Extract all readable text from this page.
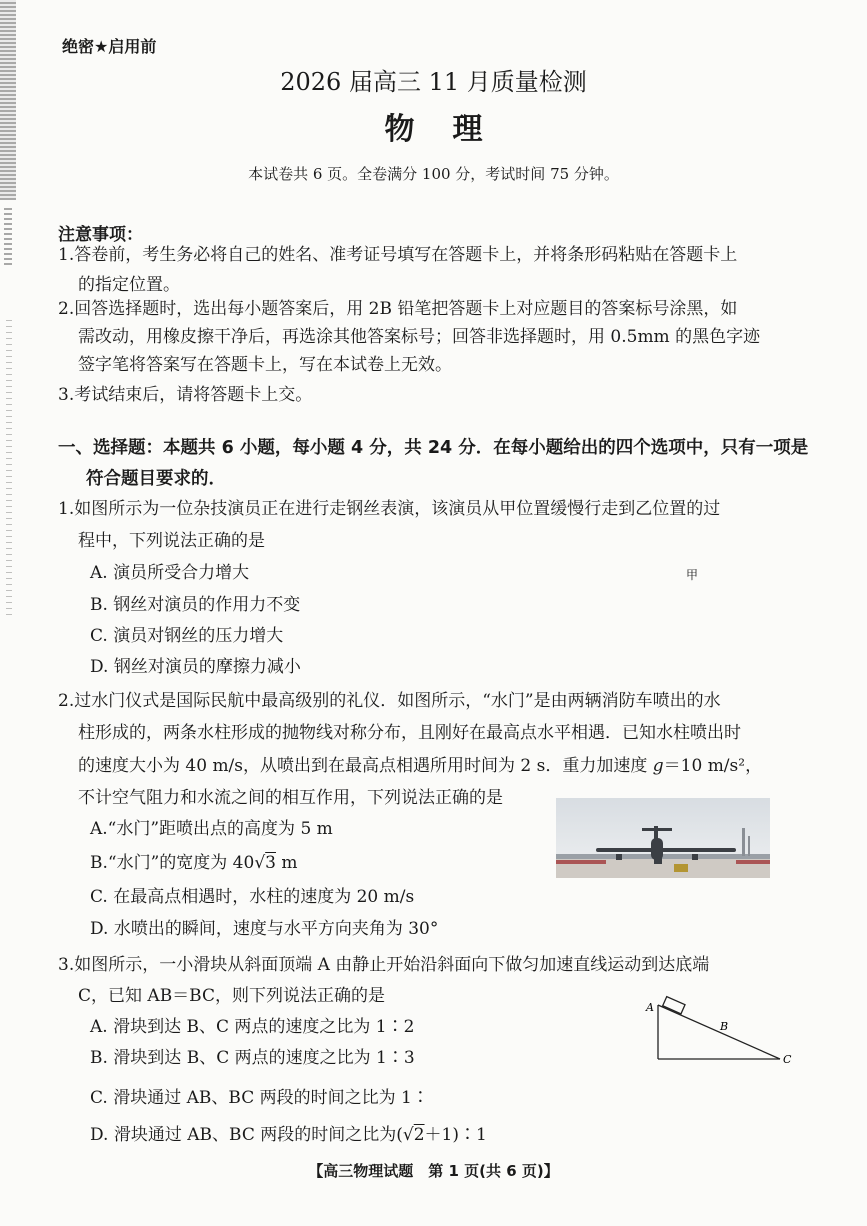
绝密★启用前
2026 届高三 11 月质量检测
物理
本试卷共 6 页。全卷满分 100 分，考试时间 75 分钟。
注意事项：
1.答卷前，考生务必将自己的姓名、准考证号填写在答题卡上，并将条形码粘贴在答题卡上
的指定位置。
2.回答选择题时，选出每小题答案后，用 2B 铅笔把答题卡上对应题目的答案标号涂黑，如
需改动，用橡皮擦干净后，再选涂其他答案标号；回答非选择题时，用 0.5mm 的黑色字迹
签字笔将答案写在答题卡上，写在本试卷上无效。
3.考试结束后，请将答题卡上交。
一、选择题：本题共 6 小题，每小题 4 分，共 24 分．在每小题给出的四个选项中，只有一项是
符合题目要求的．
1.如图所示为一位杂技演员正在进行走钢丝表演，该演员从甲位置缓慢行走到乙位置的过
程中，下列说法正确的是
A. 演员所受合力增大
B. 钢丝对演员的作用力不变
C. 演员对钢丝的压力增大
D. 钢丝对演员的摩擦力减小
甲
2.过水门仪式是国际民航中最高级别的礼仪．如图所示，“水门”是由两辆消防车喷出的水
柱形成的，两条水柱形成的抛物线对称分布，且刚好在最高点水平相遇．已知水柱喷出时
的速度大小为 40 m/s，从喷出到在最高点相遇所用时间为 2 s．重力加速度 g＝10 m/s²，
不计空气阻力和水流之间的相互作用，下列说法正确的是
A.“水门”距喷出点的高度为 5 m
B.“水门”的宽度为 40√3 m
C. 在最高点相遇时，水柱的速度为 20 m/s
D. 水喷出的瞬间，速度与水平方向夹角为 30°
3.如图所示，一小滑块从斜面顶端 A 由静止开始沿斜面向下做匀加速直线运动到达底端
C，已知 AB＝BC，则下列说法正确的是
A. 滑块到达 B、C 两点的速度之比为 1∶2
B. 滑块到达 B、C 两点的速度之比为 1∶3
C. 滑块通过 AB、BC 两段的时间之比为 1∶
D. 滑块通过 AB、BC 两段的时间之比为(√2＋1)∶1
A
B
C
【高三物理试题　第 1 页(共 6 页)】
